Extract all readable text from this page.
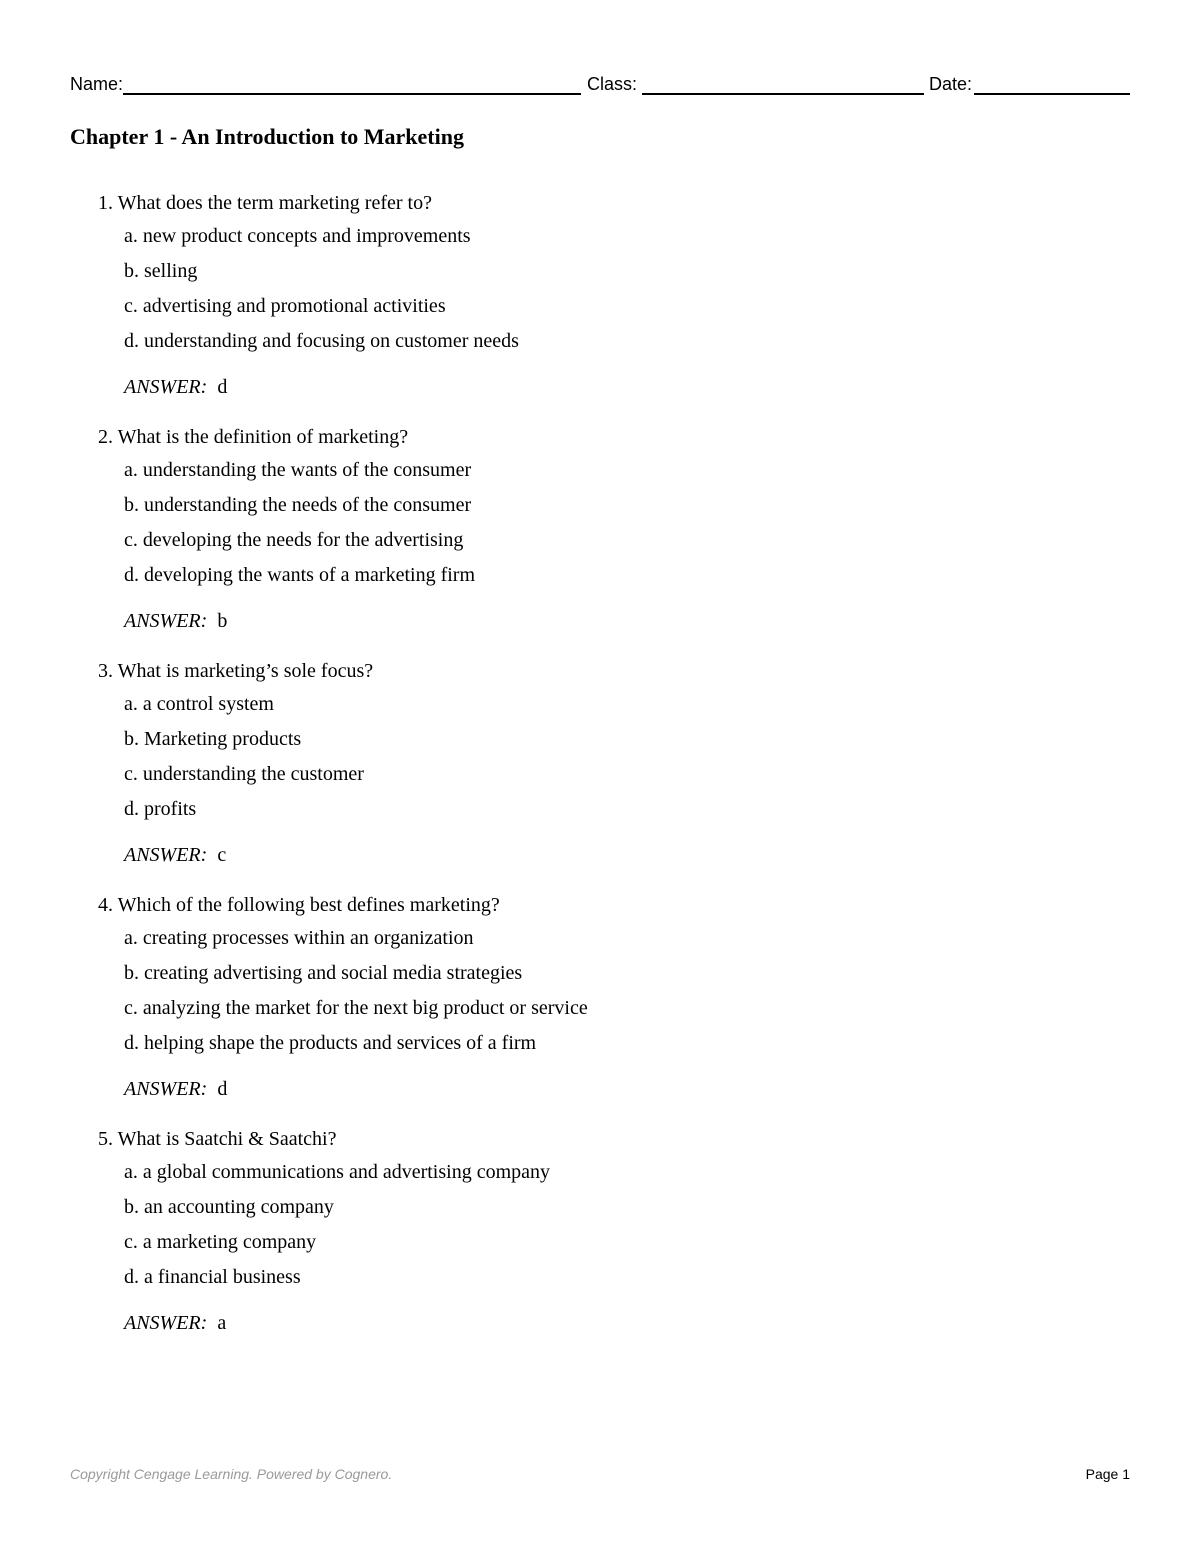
Name:	Class:	Date:
Chapter 1 - An Introduction to Marketing
1. What does the term marketing refer to?
a. new product concepts and improvements
b. selling
c. advertising and promotional activities
d. understanding and focusing on customer needs
ANSWER: d
2. What is the definition of marketing?
a. understanding the wants of the consumer
b. understanding the needs of the consumer
c. developing the needs for the advertising
d. developing the wants of a marketing firm
ANSWER: b
3. What is marketing’s sole focus?
a. a control system
b. Marketing products
c. understanding the customer
d. profits
ANSWER: c
4. Which of the following best defines marketing?
a. creating processes within an organization
b. creating advertising and social media strategies
c. analyzing the market for the next big product or service
d. helping shape the products and services of a firm
ANSWER: d
5. What is Saatchi & Saatchi?
a. a global communications and advertising company
b. an accounting company
c. a marketing company
d. a financial business
ANSWER: a
Copyright Cengage Learning. Powered by Cognero.	Page 1
